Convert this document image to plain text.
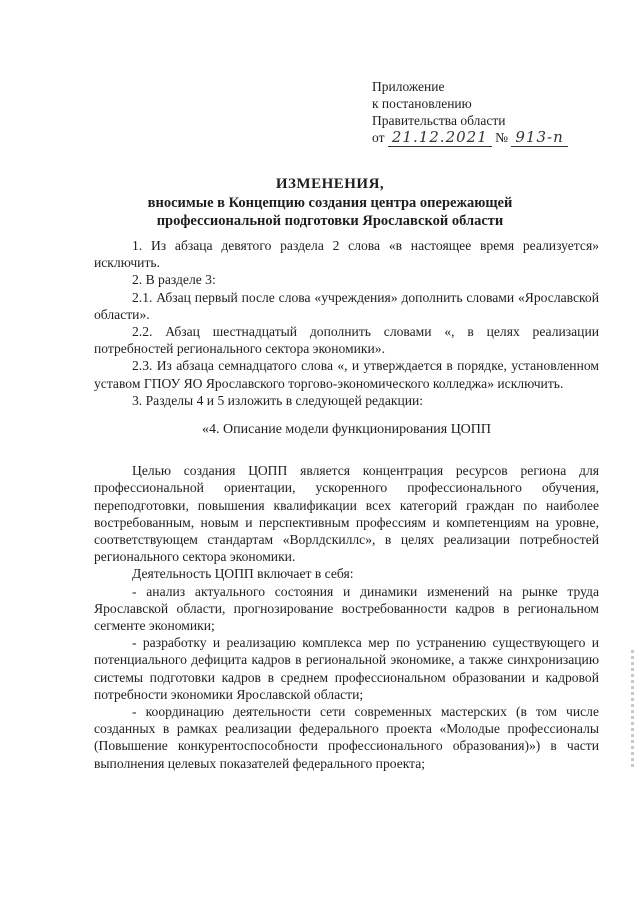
Приложение
к постановлению
Правительства области
от 21.12.2021 № 913-п
ИЗМЕНЕНИЯ,
вносимые в Концепцию создания центра опережающей
профессиональной подготовки Ярославской области

1. Из абзаца девятого раздела 2 слова «в настоящее время реализуется» исключить.

2. В разделе 3:

2.1. Абзац первый после слова «учреждения» дополнить словами «Ярославской области».

2.2. Абзац шестнадцатый дополнить словами «, в целях реализации потребностей регионального сектора экономики».

2.3. Из абзаца семнадцатого слова «, и утверждается в порядке, установленном уставом ГПОУ ЯО Ярославского торгово-экономического колледжа» исключить.

3. Разделы 4 и 5 изложить в следующей редакции:

«4. Описание модели функционирования ЦОПП

Целью создания ЦОПП является концентрация ресурсов региона для профессиональной ориентации, ускоренного профессионального обучения, переподготовки, повышения квалификации всех категорий граждан по наиболее востребованным, новым и перспективным профессиям и компетенциям на уровне, соответствующем стандартам «Ворлдскиллс», в целях реализации потребностей регионального сектора экономики.

Деятельность ЦОПП включает в себя:

- анализ актуального состояния и динамики изменений на рынке труда Ярославской области, прогнозирование востребованности кадров в региональном сегменте экономики;

- разработку и реализацию комплекса мер по устранению существующего и потенциального дефицита кадров в региональной экономике, а также синхронизацию системы подготовки кадров в среднем профессиональном образовании и кадровой потребности экономики Ярославской области;

- координацию деятельности сети современных мастерских (в том числе созданных в рамках реализации федерального проекта «Молодые профессионалы (Повышение конкурентоспособности профессионального образования)») в части выполнения целевых показателей федерального проекта;
